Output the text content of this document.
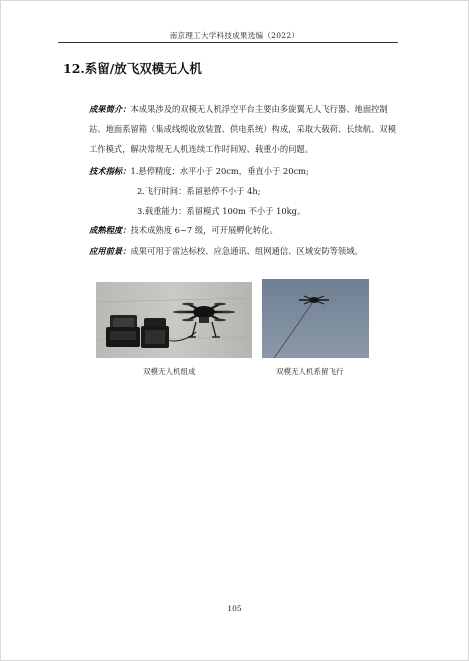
南京理工大学科技成果选编（2022）
12.系留/放飞双模无人机
成果简介：本成果涉及的双模无人机浮空平台主要由多旋翼无人飞行器、地面控制站、地面系留箱（集成线缆收放装置、供电系统）构成，采取大载荷、长续航、双模工作模式，解决常规无人机连续工作时间短、载重小的问题。
技术指标：1.悬停精度：水平小于 20cm，垂直小于 20cm;
2.飞行时间：系留悬停不小于 4h;
3.载重能力：系留模式 100m 不小于 10kg。
成熟程度：技术成熟度 6~7 级，可开展孵化转化。
应用前景：成果可用于雷达标校、应急通讯、组网通信、区域安防等领域。
双模无人机组成	双模无人机系留飞行
105
